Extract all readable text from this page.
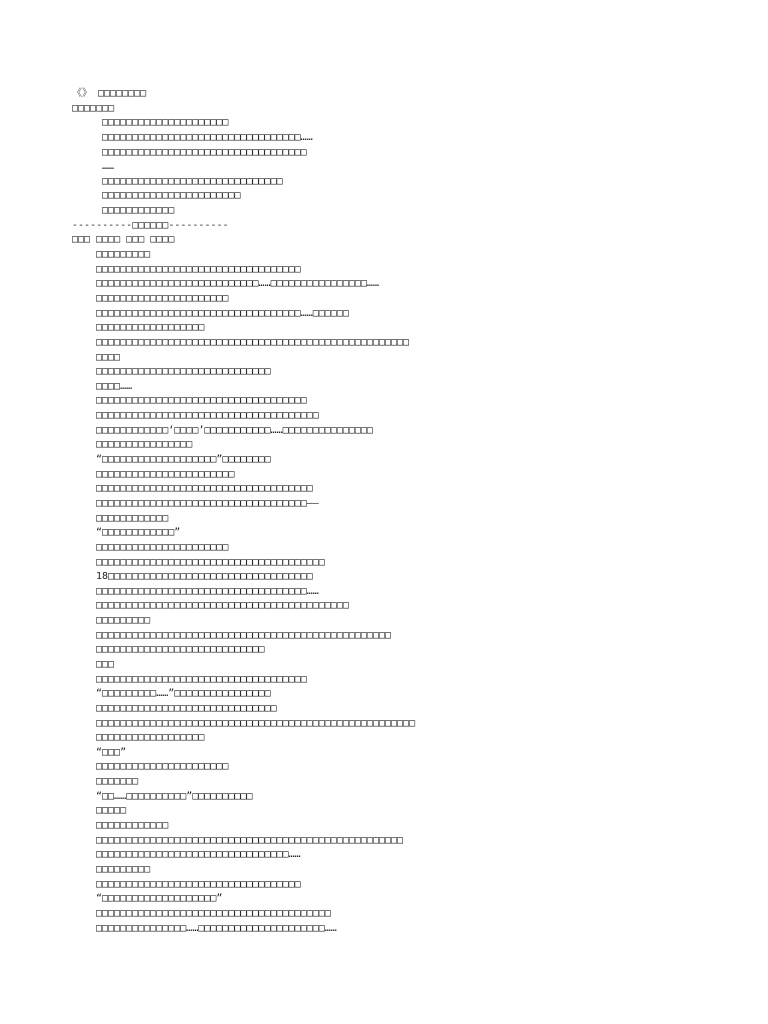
《》 □□□□□□□□
□□□□□□□
□□□□□□□□□□□□□□□□□□□□□
□□□□□□□□□□□□□□□□□□□□□□□□□□□□□□□□□……
□□□□□□□□□□□□□□□□□□□□□□□□□□□□□□□□□□
……
□□□□□□□□□□□□□□□□□□□□□□□□□□□□□□
□□□□□□□□□□□□□□□□□□□□□□□
□□□□□□□□□□□□
----------□□□□□□----------
□□□ □□□□ □□□ □□□□
□□□□□□□□□
□□□□□□□□□□□□□□□□□□□□□□□□□□□□□□□□□□
□□□□□□□□□□□□□□□□□□□□□□□□□□□……□□□□□□□□□□□□□□□□……
□□□□□□□□□□□□□□□□□□□□□□
□□□□□□□□□□□□□□□□□□□□□□□□□□□□□□□□□□……□□□□□□
□□□□□□□□□□□□□□□□□□
□□□□□□□□□□□□□□□□□□□□□□□□□□□□□□□□□□□□□□□□□□□□□□□□□□□□
□□□□
□□□□□□□□□□□□□□□□□□□□□□□□□□□□□
□□□□……
□□□□□□□□□□□□□□□□□□□□□□□□□□□□□□□□□□□
□□□□□□□□□□□□□□□□□□□□□□□□□□□□□□□□□□□□□
□□□□□□□□□□□□‘□□□□’□□□□□□□□□□□……□□□□□□□□□□□□□□□
□□□□□□□□□□□□□□□□
“□□□□□□□□□□□□□□□□□□□”□□□□□□□□
□□□□□□□□□□□□□□□□□□□□□□□
□□□□□□□□□□□□□□□□□□□□□□□□□□□□□□□□□□□□
□□□□□□□□□□□□□□□□□□□□□□□□□□□□□□□□□□□——
□□□□□□□□□□□□
“□□□□□□□□□□□□”
□□□□□□□□□□□□□□□□□□□□□□
□□□□□□□□□□□□□□□□□□□□□□□□□□□□□□□□□□□□□□
18□□□□□□□□□□□□□□□□□□□□□□□□□□□□□□□□□□
□□□□□□□□□□□□□□□□□□□□□□□□□□□□□□□□□□□……
□□□□□□□□□□□□□□□□□□□□□□□□□□□□□□□□□□□□□□□□□□
□□□□□□□□□
□□□□□□□□□□□□□□□□□□□□□□□□□□□□□□□□□□□□□□□□□□□□□□□□□
□□□□□□□□□□□□□□□□□□□□□□□□□□□□
□□□
□□□□□□□□□□□□□□□□□□□□□□□□□□□□□□□□□□□
“□□□□□□□□□……”□□□□□□□□□□□□□□□□
□□□□□□□□□□□□□□□□□□□□□□□□□□□□□□
□□□□□□□□□□□□□□□□□□□□□□□□□□□□□□□□□□□□□□□□□□□□□□□□□□□□□
□□□□□□□□□□□□□□□□□□
“□□□”
□□□□□□□□□□□□□□□□□□□□□□
□□□□□□□
“□□……□□□□□□□□□□”□□□□□□□□□□
□□□□□
□□□□□□□□□□□□
□□□□□□□□□□□□□□□□□□□□□□□□□□□□□□□□□□□□□□□□□□□□□□□□□□□
□□□□□□□□□□□□□□□□□□□□□□□□□□□□□□□□……
□□□□□□□□□
□□□□□□□□□□□□□□□□□□□□□□□□□□□□□□□□□□
“□□□□□□□□□□□□□□□□□□□”
□□□□□□□□□□□□□□□□□□□□□□□□□□□□□□□□□□□□□□□
□□□□□□□□□□□□□□□……□□□□□□□□□□□□□□□□□□□□□……
